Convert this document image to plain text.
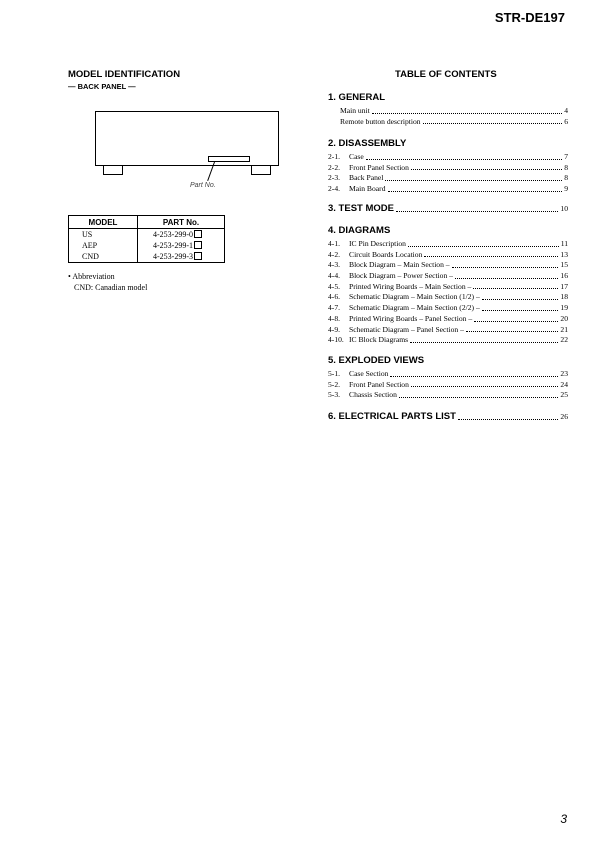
STR-DE197
MODEL IDENTIFICATION
— BACK PANEL —
Part No.
MODEL	PART No.
US	4-253-299-0
AEP	4-253-299-1
CND	4-253-299-3
• Abbreviation
CND: Canadian model
TABLE OF CONTENTS
1. GENERAL
Main unit	4
Remote button description	6
2. DISASSEMBLY
2-1.	Case	7
2-2.	Front Panel Section	8
2-3.	Back Panel	8
2-4.	Main Board	9
3. TEST MODE	10
4. DIAGRAMS
4-1.	IC Pin Description	11
4-2.	Circuit Boards Location	13
4-3.	Block Diagram – Main Section –	15
4-4.	Block Diagram – Power Section –	16
4-5.	Printed Wiring Boards – Main Section –	17
4-6.	Schematic Diagram – Main Section (1/2) –	18
4-7.	Schematic Diagram – Main Section (2/2) –	19
4-8.	Printed Wiring Boards – Panel Section –	20
4-9.	Schematic Diagram – Panel Section –	21
4-10. IC Block Diagrams	22
5. EXPLODED VIEWS
5-1.	Case Section	23
5-2.	Front Panel Section	24
5-3.	Chassis Section	25
6. ELECTRICAL PARTS LIST	26
3
